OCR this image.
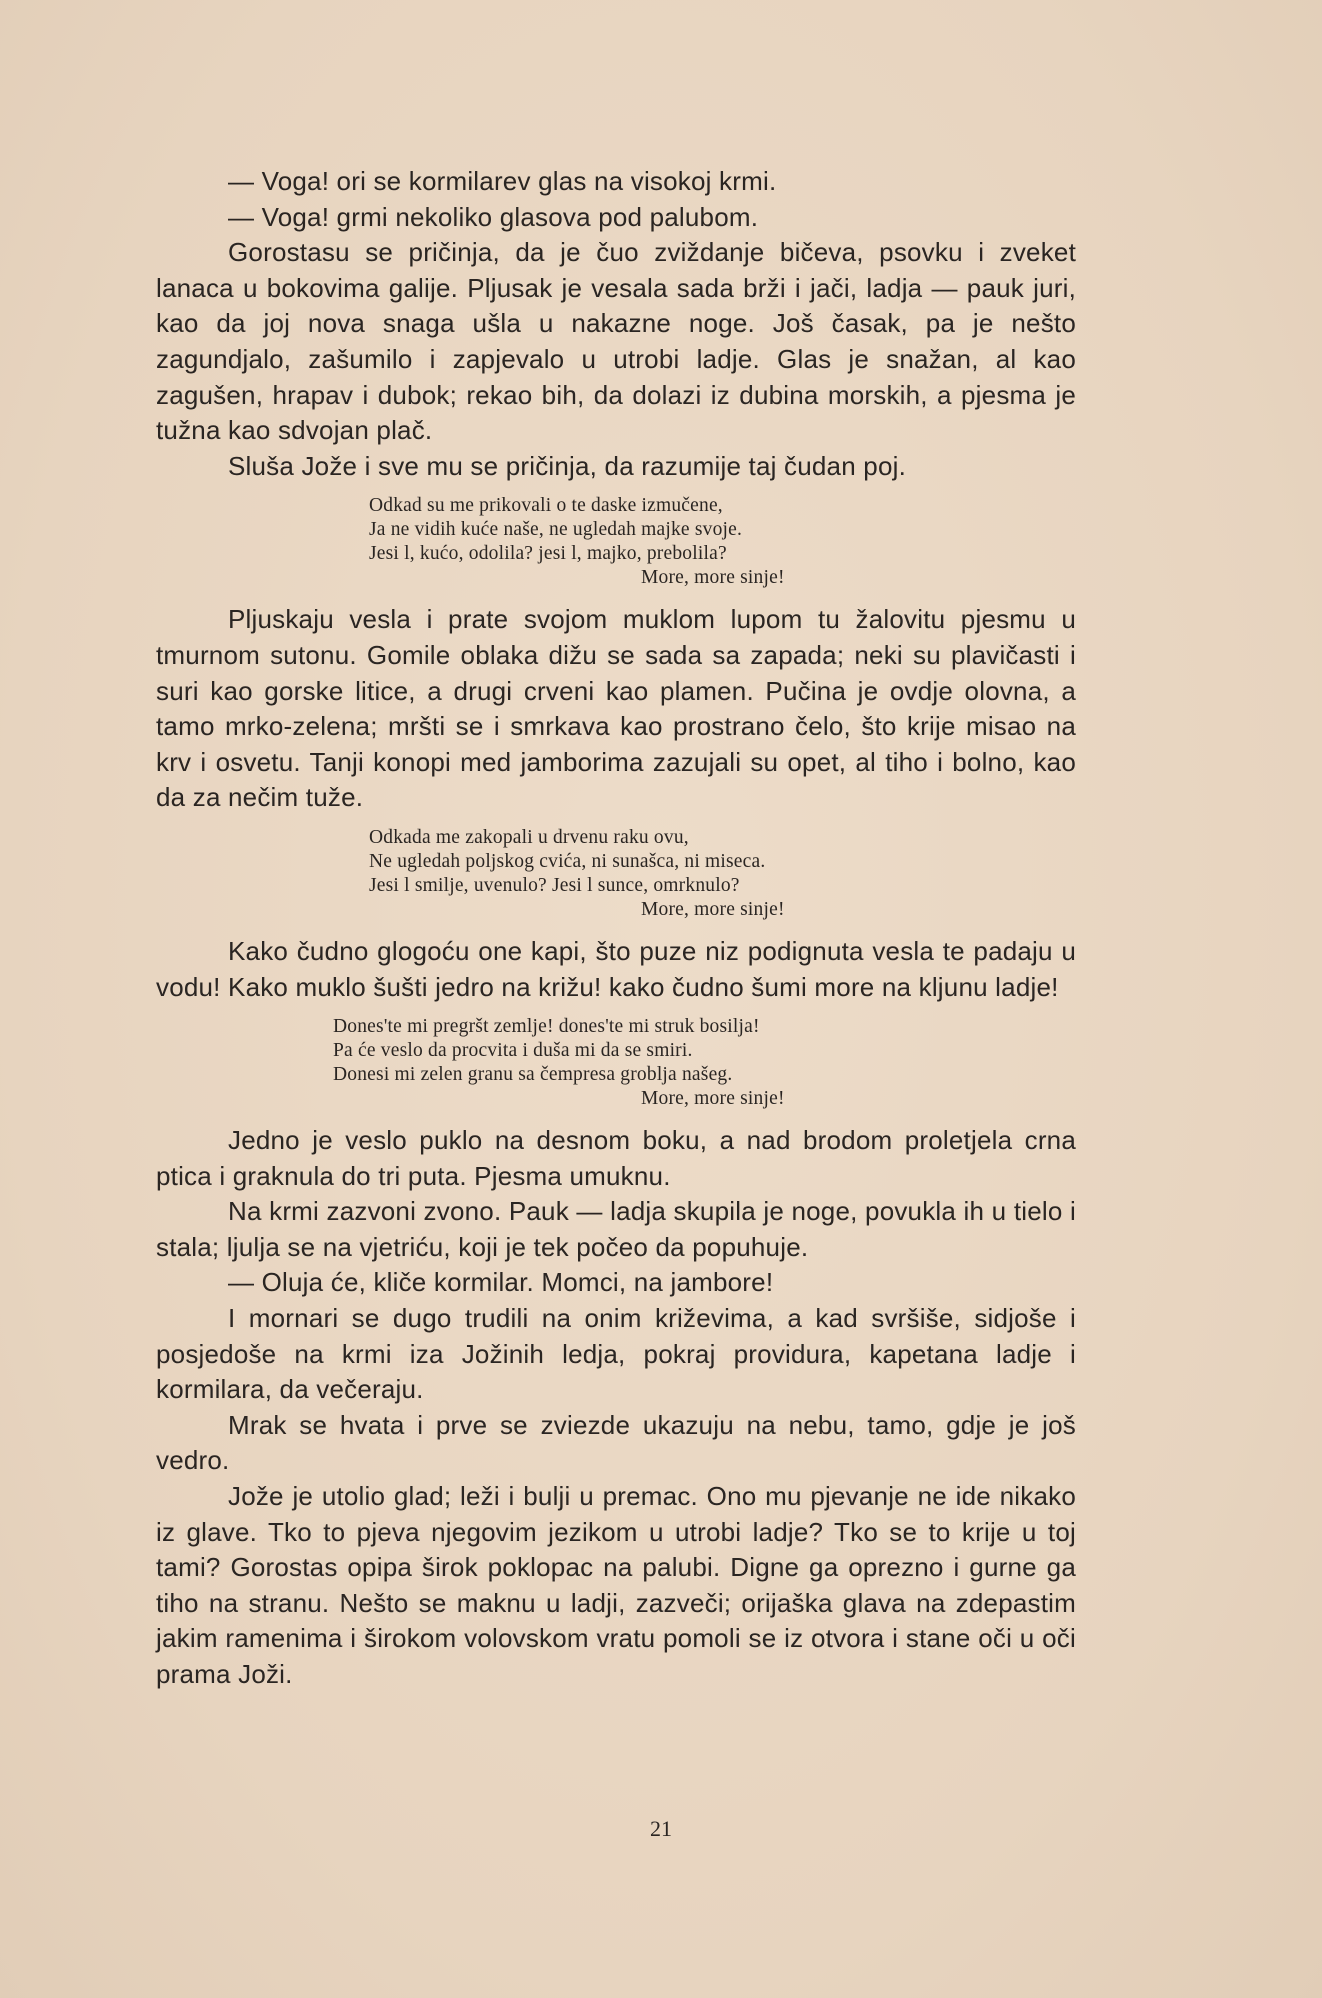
— Voga! ori se kormilarev glas na visokoj krmi.

— Voga! grmi nekoliko glasova pod palubom.

Gorostasu se pričinja, da je čuo zviždanje bičeva, psovku i zveket lanaca u bokovima galije. Pljusak je vesala sada brži i jači, ladja — pauk juri, kao da joj nova snaga ušla u nakazne noge. Još časak, pa je nešto zagundjalo, zašumilo i zapjevalo u utrobi ladje. Glas je snažan, al kao zagušen, hrapav i dubok; rekao bih, da dolazi iz dubina morskih, a pjesma je tužna kao sdvojan plač.

Sluša Jože i sve mu se pričinja, da razumije taj čudan poj.

Odkad su me prikovali o te daske izmučene,
Ja ne vidih kuće naše, ne ugledah majke svoje.
Jesi l, kućo, odolila? jesi l, majko, prebolila?
More, more sinje!

Pljuskaju vesla i prate svojom muklom lupom tu žalovitu pjesmu u tmurnom sutonu. Gomile oblaka dižu se sada sa zapada; neki su plavičasti i suri kao gorske litice, a drugi crveni kao plamen. Pučina je ovdje olovna, a tamo mrko-zelena; mršti se i smrkava kao prostrano čelo, što krije misao na krv i osvetu. Tanji konopi med jamborima zazujali su opet, al tiho i bolno, kao da za nečim tuže.

Odkada me zakopali u drvenu raku ovu,
Ne ugledah poljskog cvića, ni sunašca, ni miseca.
Jesi l smilje, uvenulo? Jesi l sunce, omrknulo?
More, more sinje!

Kako čudno glogoću one kapi, što puze niz podignuta vesla te padaju u vodu! Kako muklo šušti jedro na križu! kako čudno šumi more na kljunu ladje!

Dones'te mi pregršt zemlje! dones'te mi struk bosilja!
Pa će veslo da procvita i duša mi da se smiri.
Donesi mi zelen granu sa čempresa groblja našeg.
More, more sinje!

Jedno je veslo puklo na desnom boku, a nad brodom proletjela crna ptica i graknula do tri puta. Pjesma umuknu.

Na krmi zazvoni zvono. Pauk — ladja skupila je noge, povukla ih u tielo i stala; ljulja se na vjetriću, koji je tek počeo da popuhuje.

— Oluja će, kliče kormilar. Momci, na jambore!

I mornari se dugo trudili na onim križevima, a kad svršiše, sidjoše i posjedoše na krmi iza Jožinih ledja, pokraj providura, kapetana ladje i kormilara, da večeraju.

Mrak se hvata i prve se zviezde ukazuju na nebu, tamo, gdje je još vedro.

Jože je utolio glad; leži i bulji u premac. Ono mu pjevanje ne ide nikako iz glave. Tko to pjeva njegovim jezikom u utrobi ladje? Tko se to krije u toj tami? Gorostas opipa širok poklopac na palubi. Digne ga oprezno i gurne ga tiho na stranu. Nešto se maknu u ladji, zazveči; orijaška glava na zdepastim jakim ramenima i širokom volovskom vratu pomoli se iz otvora i stane oči u oči prama Joži.

21
